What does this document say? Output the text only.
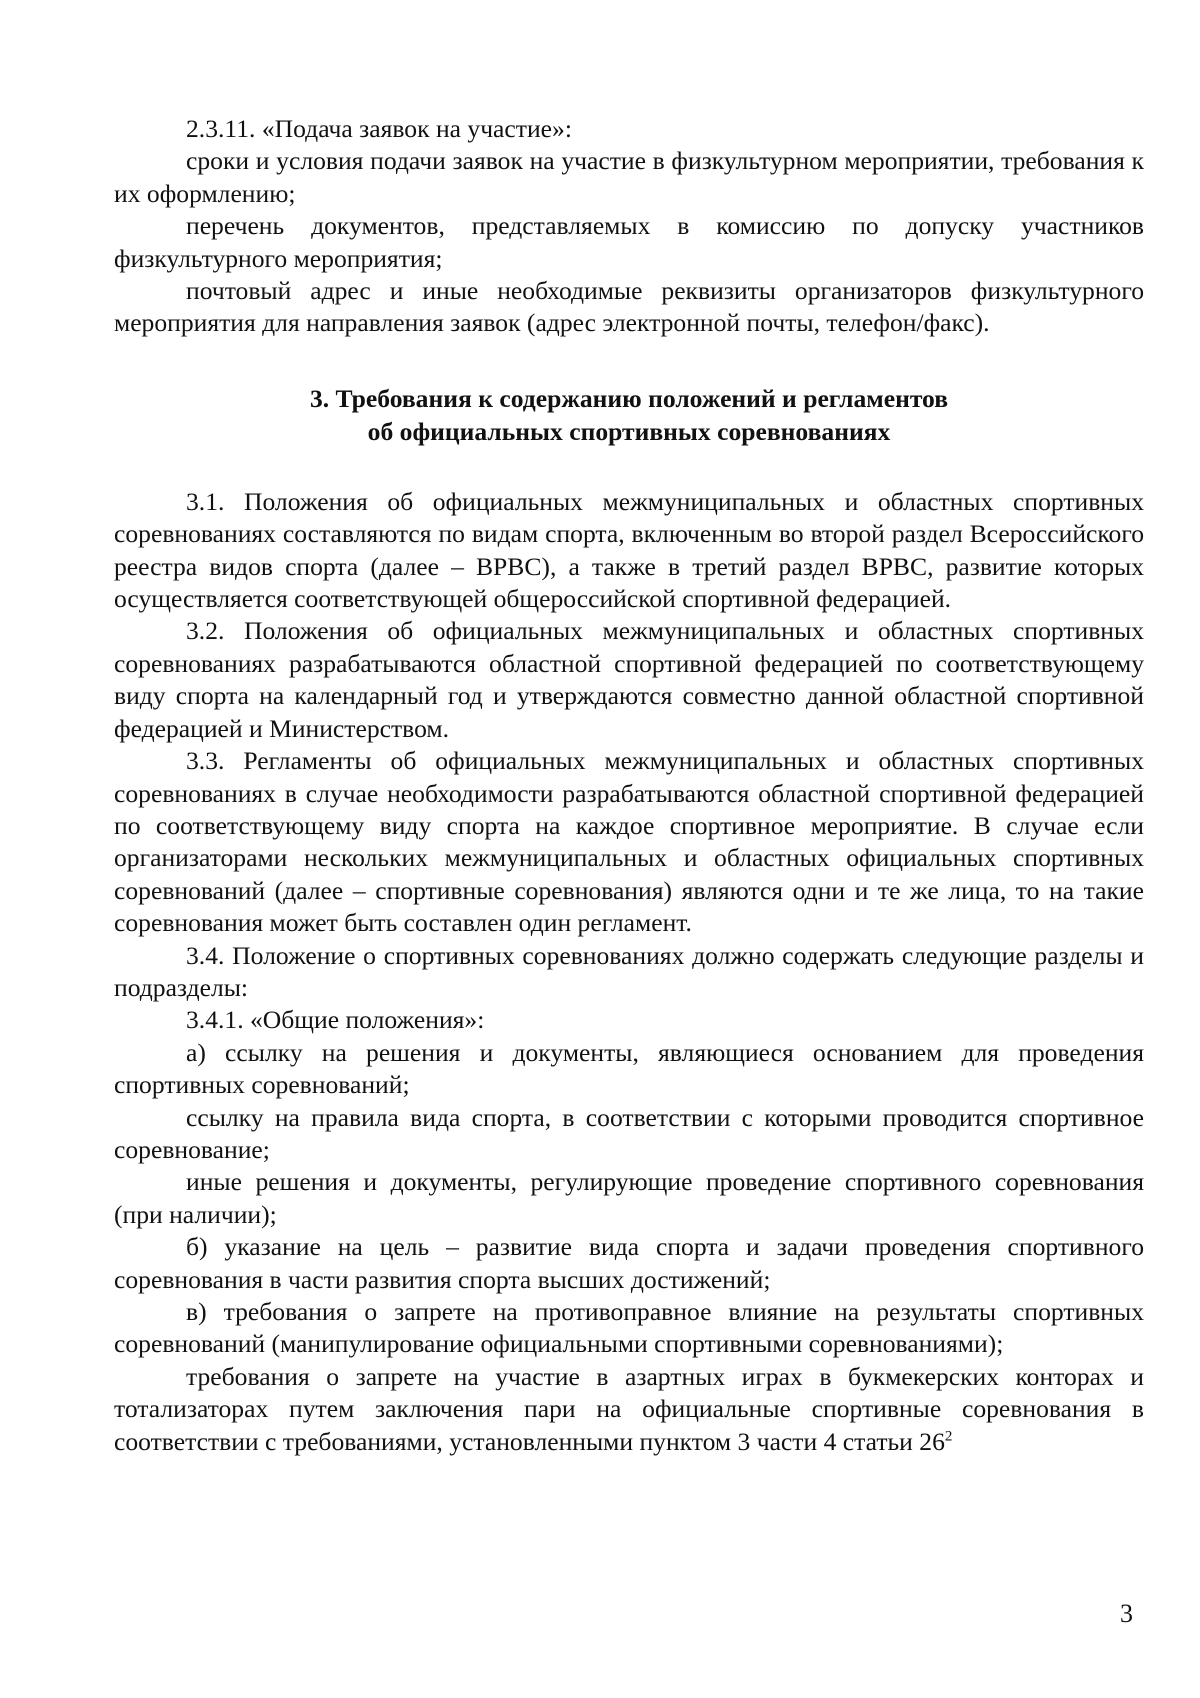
2.3.11. «Подача заявок на участие»:

сроки и условия подачи заявок на участие в физкультурном мероприятии, требования к их оформлению;

перечень документов, представляемых в комиссию по допуску участников физкультурного мероприятия;

почтовый адрес и иные необходимые реквизиты организаторов физкультурного мероприятия для направления заявок (адрес электронной почты, телефон/факс).

3. Требования к содержанию положений и регламентов
об официальных спортивных соревнованиях

3.1. Положения об официальных межмуниципальных и областных спортивных соревнованиях составляются по видам спорта, включенным во второй раздел Всероссийского реестра видов спорта (далее – ВРВС), а также в третий раздел ВРВС, развитие которых осуществляется соответствующей общероссийской спортивной федерацией.

3.2. Положения об официальных межмуниципальных и областных спортивных соревнованиях разрабатываются областной спортивной федерацией по соответствующему виду спорта на календарный год и утверждаются совместно данной областной спортивной федерацией и Министерством.

3.3. Регламенты об официальных межмуниципальных и областных спортивных соревнованиях в случае необходимости разрабатываются областной спортивной федерацией по соответствующему виду спорта на каждое спортивное мероприятие. В случае если организаторами нескольких межмуниципальных и областных официальных спортивных соревнований (далее – спортивные соревнования) являются одни и те же лица, то на такие соревнования может быть составлен один регламент.

3.4. Положение о спортивных соревнованиях должно содержать следующие разделы и подразделы:

3.4.1. «Общие положения»:

а) ссылку на решения и документы, являющиеся основанием для проведения спортивных соревнований;

ссылку на правила вида спорта, в соответствии с которыми проводится спортивное соревнование;

иные решения и документы, регулирующие проведение спортивного соревнования (при наличии);

б) указание на цель – развитие вида спорта и задачи проведения спортивного соревнования в части развития спорта высших достижений;

в) требования о запрете на противоправное влияние на результаты спортивных соревнований (манипулирование официальными спортивными соревнованиями);

требования о запрете на участие в азартных играх в букмекерских конторах и тотализаторах путем заключения пари на официальные спортивные соревнования в соответствии с требованиями, установленными пунктом 3 части 4 статьи $26^2$

3
